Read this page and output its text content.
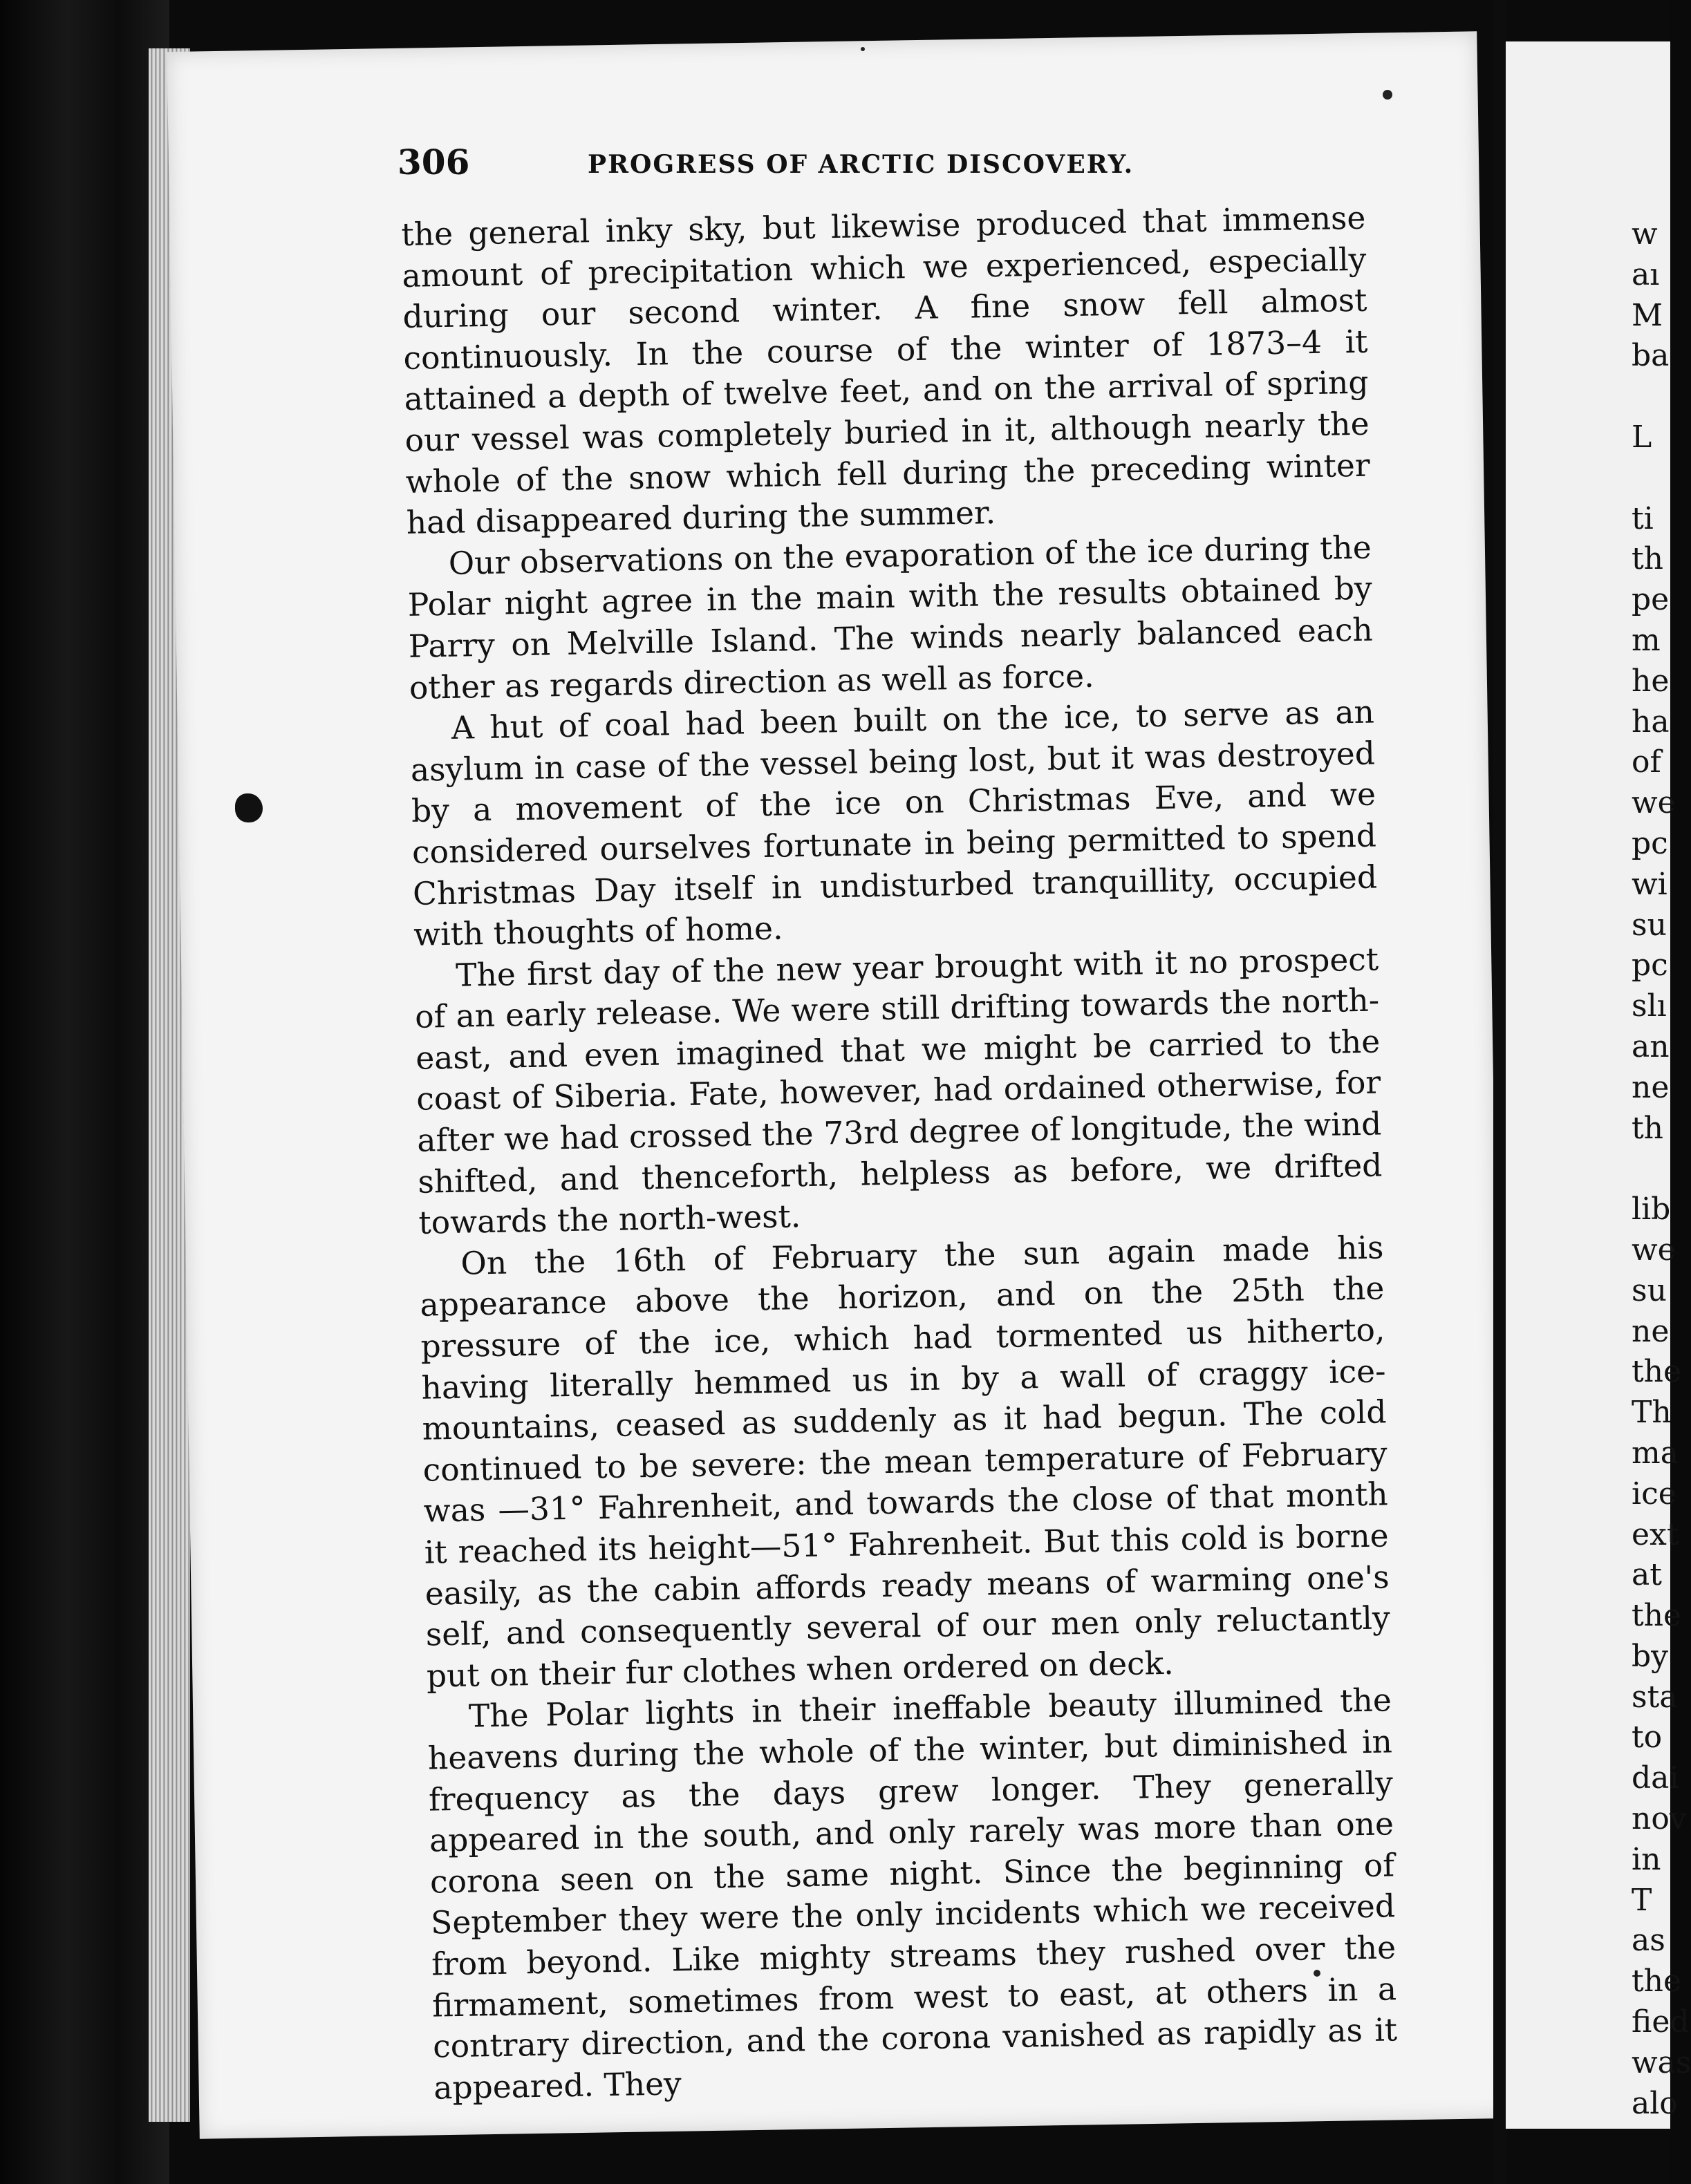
306	PROGRESS OF ARCTIC DISCOVERY.

the general inky sky, but likewise produced that immense amount of precipitation which we experienced, especially during our second winter. A fine snow fell almost continuously. In the course of the winter of 1873–4 it attained a depth of twelve feet, and on the arrival of spring our vessel was completely buried in it, although nearly the whole of the snow which fell during the preceding winter had disappeared during the summer.

Our observations on the evaporation of the ice during the Polar night agree in the main with the results obtained by Parry on Melville Island. The winds nearly balanced each other as regards direction as well as force.

A hut of coal had been built on the ice, to serve as an asylum in case of the vessel being lost, but it was destroyed by a movement of the ice on Christmas Eve, and we considered ourselves fortunate in being permitted to spend Christmas Day itself in undisturbed tranquillity, occupied with thoughts of home.

The first day of the new year brought with it no prospect of an early release. We were still drifting towards the north-east, and even imagined that we might be carried to the coast of Siberia. Fate, however, had ordained otherwise, for after we had crossed the 73rd degree of longitude, the wind shifted, and thenceforth, helpless as before, we drifted towards the north-west.

On the 16th of February the sun again made his appearance above the horizon, and on the 25th the pressure of the ice, which had tormented us hitherto, having literally hemmed us in by a wall of craggy ice-mountains, ceased as suddenly as it had begun. The cold continued to be severe: the mean temperature of February was —31° Fahrenheit, and towards the close of that month it reached its height—51° Fahrenheit. But this cold is borne easily, as the cabin affords ready means of warming one's self, and consequently several of our men only reluctantly put on their fur clothes when ordered on deck.

The Polar lights in their ineffable beauty illumined the heavens during the whole of the winter, but diminished in frequency as the days grew longer. They generally appeared in the south, and only rarely was more than one corona seen on the same night. Since the beginning of September they were the only incidents which we received from beyond. Like mighty streams they rushed over the firmament, sometimes from west to east, at others in a contrary direction, and the corona vanished as rapidly as it appeared. They

w
aı
M
ba
L
ti
th
pe
m
he
ha
of
we
pc
wi
su
pc
slı
an
ne
th
lib
we
su
ne
the
Th
ma
ice
ext
at
the
by
sta
to
dai
nov
in
T
as
the
fied
was
alo
